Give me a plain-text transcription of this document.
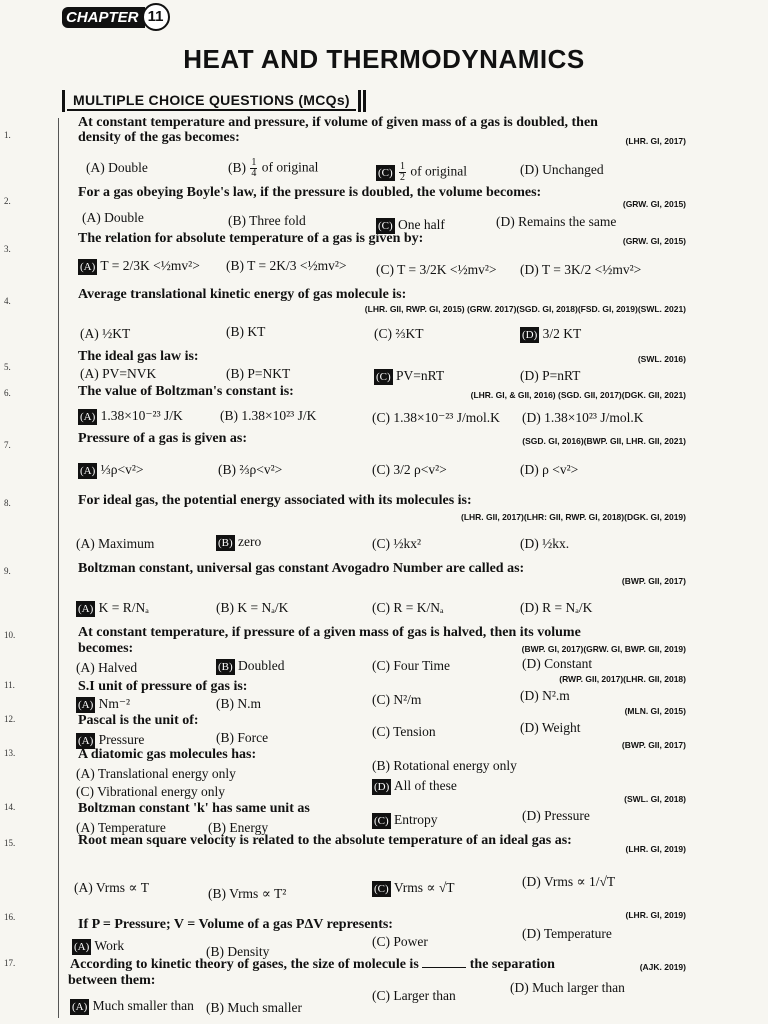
CHAPTER 11
HEAT AND THERMODYNAMICS
MULTIPLE CHOICE QUESTIONS (MCQs)
1.
At constant temperature and pressure, if volume of given mass of a gas is doubled, then
density of the gas becomes:	(LHR. GI, 2017)
(A) Double	$(B) \frac{1}{4}$ of original	$(C) \frac{1}{2}$ of original	(D) Unchanged
2.
For a gas obeying Boyle's law, if the pressure is doubled, the volume becomes:
(GRW. GI, 2015)
(A) Double	(B) Three fold	(C) One half	(D) Remains the same
3.
The relation for absolute temperature of a gas is given by:	(GRW. GI, 2015)
(A) T = 2/3K <½mv²> (B) T = 2K/3 <½mv²> (C) T = 3/2K <½mv²> (D) T = 3K/2 <½mv²>
4.	Average translational kinetic energy of gas molecule is:
(LHR. GII, RWP. GI, 2015) (GRW. 2017)(SGD. GI, 2018)(FSD. GI, 2019)(SWL. 2021)
(A) ½KT	(B) KT	(C) ⅔KT	(D) 3/2 KT
5.
The ideal gas law is:	(SWL. 2016)
(A) PV=NVK	(B) P=NKT	(C) PV=nRT	(D) P=nRT
6.	The value of Boltzman's constant is:	(LHR. GI, & GII, 2016) (SGD. GII, 2017)(DGK. GII, 2021)
(A) 1.38×10⁻²³ J/K	(B) 1.38×10²³ J/K	(C) 1.38×10⁻²³ J/mol.K (D) 1.38×10²³ J/mol.K
7.	Pressure of a gas is given as:	(SGD. GI, 2016)(BWP. GII, LHR. GII, 2021)
(A) ⅓ρ<v²>	(B) ⅔ρ<v²>	(C) 3/2 ρ<v²>	(D) ρ <v²>
8.	For ideal gas, the potential energy associated with its molecules is:
(LHR. GII, 2017)(LHR: GII, RWP. GI, 2018)(DGK. GI, 2019)
(A) Maximum	(B) zero	(C) ½kx²	(D) ½kx.
9.	Boltzman constant, universal gas constant Avogadro Number are called as:
(BWP. GII, 2017)
(A) K = R/Nₐ	(B) K = Nₐ/K	(C) R = K/Nₐ	(D) R = Nₐ/K
10.	At constant temperature, if pressure of a given mass of gas is halved, then its volume
becomes:	(BWP. GI, 2017)(GRW. GI, BWP. GII, 2019)
(A) Halved	(B) Doubled	(C) Four Time	(D) Constant
11.	S.I unit of pressure of gas is:	(RWP. GII, 2017)(LHR. GII, 2018)
(A) Nm⁻²	(B) N.m	(C) N²/m	(D) N².m
12.	Pascal is the unit of:
(MLN. GI, 2015)
(A) Pressure	(B) Force	(C) Tension	(D) Weight
13.	A diatomic gas molecules has:
(BWP. GII, 2017)
(A) Translational energy only
(B) Rotational energy only
(C) Vibrational energy only	(D) All of these
14.	Boltzman constant 'k' has same unit as
(SWL. GI, 2018)
(A) Temperature	(B) Energy	(C) Entropy	(D) Pressure
15.	Root mean square velocity is related to the absolute temperature of an ideal gas as:
(LHR. GI, 2019)
(A) Vrms ∝ T	(B) Vrms ∝ T²	(C) Vrms ∝ √T	(D) Vrms ∝ 1/√T
16.	If P = Pressure; V = Volume of a gas PΔV represents:
(LHR. GI, 2019)
(A) Work	(B) Density
(C) Power
(D) Temperature
17.	According to kinetic theory of gases, the size of molecule is	the separation
between them:
(AJK. 2019)
(A) Much smaller than (B) Much smaller
(C) Larger than
(D) Much larger than
